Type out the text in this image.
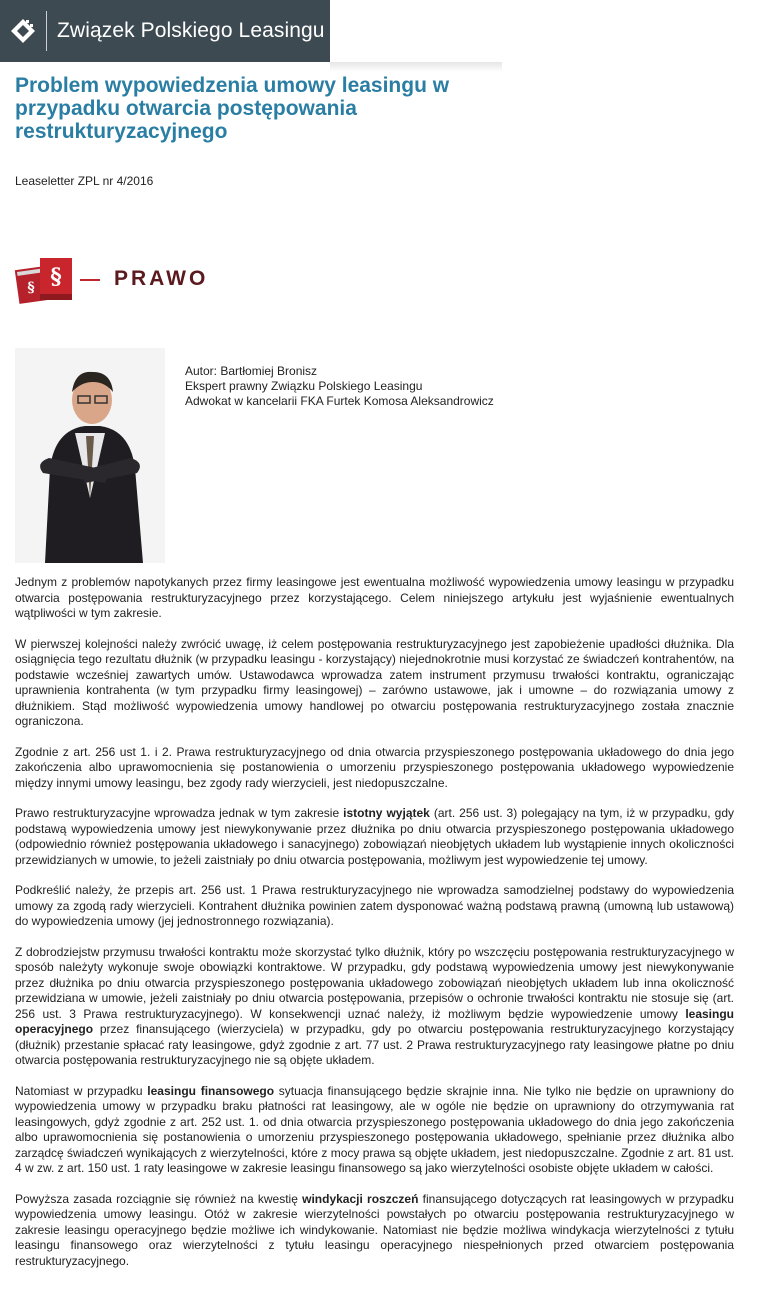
Związek Polskiego Leasingu
Problem wypowiedzenia umowy leasingu w przypadku otwarcia postępowania restrukturyzacyjnego
Leaseletter ZPL nr 4/2016
§
§	PRAWO
Autor: Bartłomiej Bronisz
Ekspert prawny Związku Polskiego Leasingu
Adwokat w kancelarii FKA Furtek Komosa Aleksandrowicz

Jednym z problemów napotykanych przez firmy leasingowe jest ewentualna możliwość wypowiedzenia umowy leasingu w przypadku otwarcia postępowania restrukturyzacyjnego przez korzystającego. Celem niniejszego artykułu jest wyjaśnienie ewentualnych wątpliwości w tym zakresie.

W pierwszej kolejności należy zwrócić uwagę, iż celem postępowania restrukturyzacyjnego jest zapobieżenie upadłości dłużnika. Dla osiągnięcia tego rezultatu dłużnik (w przypadku leasingu - korzystający) niejednokrotnie musi korzystać ze świadczeń kontrahentów, na podstawie wcześniej zawartych umów. Ustawodawca wprowadza zatem instrument przymusu trwałości kontraktu, ograniczając uprawnienia kontrahenta (w tym przypadku firmy leasingowej) – zarówno ustawowe, jak i umowne – do rozwiązania umowy z dłużnikiem. Stąd możliwość wypowiedzenia umowy handlowej po otwarciu postępowania restrukturyzacyjnego została znacznie ograniczona.

Zgodnie z art. 256 ust 1. i 2. Prawa restrukturyzacyjnego od dnia otwarcia przyspieszonego postępowania układowego do dnia jego zakończenia albo uprawomocnienia się postanowienia o umorzeniu przyspieszonego postępowania układowego wypowiedzenie między innymi umowy leasingu, bez zgody rady wierzycieli, jest niedopuszczalne.

Prawo restrukturyzacyjne wprowadza jednak w tym zakresie istotny wyjątek (art. 256 ust. 3) polegający na tym, iż w przypadku, gdy podstawą wypowiedzenia umowy jest niewykonywanie przez dłużnika po dniu otwarcia przyspieszonego postępowania układowego (odpowiednio również postępowania układowego i sanacyjnego) zobowiązań nieobjętych układem lub wystąpienie innych okoliczności przewidzianych w umowie, to jeżeli zaistniały po dniu otwarcia postępowania, możliwym jest wypowiedzenie tej umowy.

Podkreślić należy, że przepis art. 256 ust. 1 Prawa restrukturyzacyjnego nie wprowadza samodzielnej podstawy do wypowiedzenia umowy za zgodą rady wierzycieli. Kontrahent dłużnika powinien zatem dysponować ważną podstawą prawną (umowną lub ustawową) do wypowiedzenia umowy (jej jednostronnego rozwiązania).

Z dobrodziejstw przymusu trwałości kontraktu może skorzystać tylko dłużnik, który po wszczęciu postępowania restrukturyzacyjnego w sposób należyty wykonuje swoje obowiązki kontraktowe. W przypadku, gdy podstawą wypowiedzenia umowy jest niewykonywanie przez dłużnika po dniu otwarcia przyspieszonego postępowania układowego zobowiązań nieobjętych układem lub inna okoliczność przewidziana w umowie, jeżeli zaistniały po dniu otwarcia postępowania, przepisów o ochronie trwałości kontraktu nie stosuje się (art. 256 ust. 3 Prawa restrukturyzacyjnego). W konsekwencji uznać należy, iż możliwym będzie wypowiedzenie umowy leasingu operacyjnego przez finansującego (wierzyciela) w przypadku, gdy po otwarciu postępowania restrukturyzacyjnego korzystający (dłużnik) przestanie spłacać raty leasingowe, gdyż zgodnie z art. 77 ust. 2 Prawa restrukturyzacyjnego raty leasingowe płatne po dniu otwarcia postępowania restrukturyzacyjnego nie są objęte układem.

Natomiast w przypadku leasingu finansowego sytuacja finansującego będzie skrajnie inna. Nie tylko nie będzie on uprawniony do wypowiedzenia umowy w przypadku braku płatności rat leasingowy, ale w ogóle nie będzie on uprawniony do otrzymywania rat leasingowych, gdyż zgodnie z art. 252 ust. 1. od dnia otwarcia przyspieszonego postępowania układowego do dnia jego zakończenia albo uprawomocnienia się postanowienia o umorzeniu przyspieszonego postępowania układowego, spełnianie przez dłużnika albo zarządcę świadczeń wynikających z wierzytelności, które z mocy prawa są objęte układem, jest niedopuszczalne. Zgodnie z art. 81 ust. 4 w zw. z art. 150 ust. 1 raty leasingowe w zakresie leasingu finansowego są jako wierzytelności osobiste objęte układem w całości.

Powyższa zasada rozciągnie się również na kwestię windykacji roszczeń finansującego dotyczących rat leasingowych w przypadku wypowiedzenia umowy leasingu. Otóż w zakresie wierzytelności powstałych po otwarciu postępowania restrukturyzacyjnego w zakresie leasingu operacyjnego będzie możliwe ich windykowanie. Natomiast nie będzie możliwa windykacja wierzytelności z tytułu leasingu finansowego oraz wierzytelności z tytułu leasingu operacyjnego niespełnionych przed otwarciem postępowania restrukturyzacyjnego.
